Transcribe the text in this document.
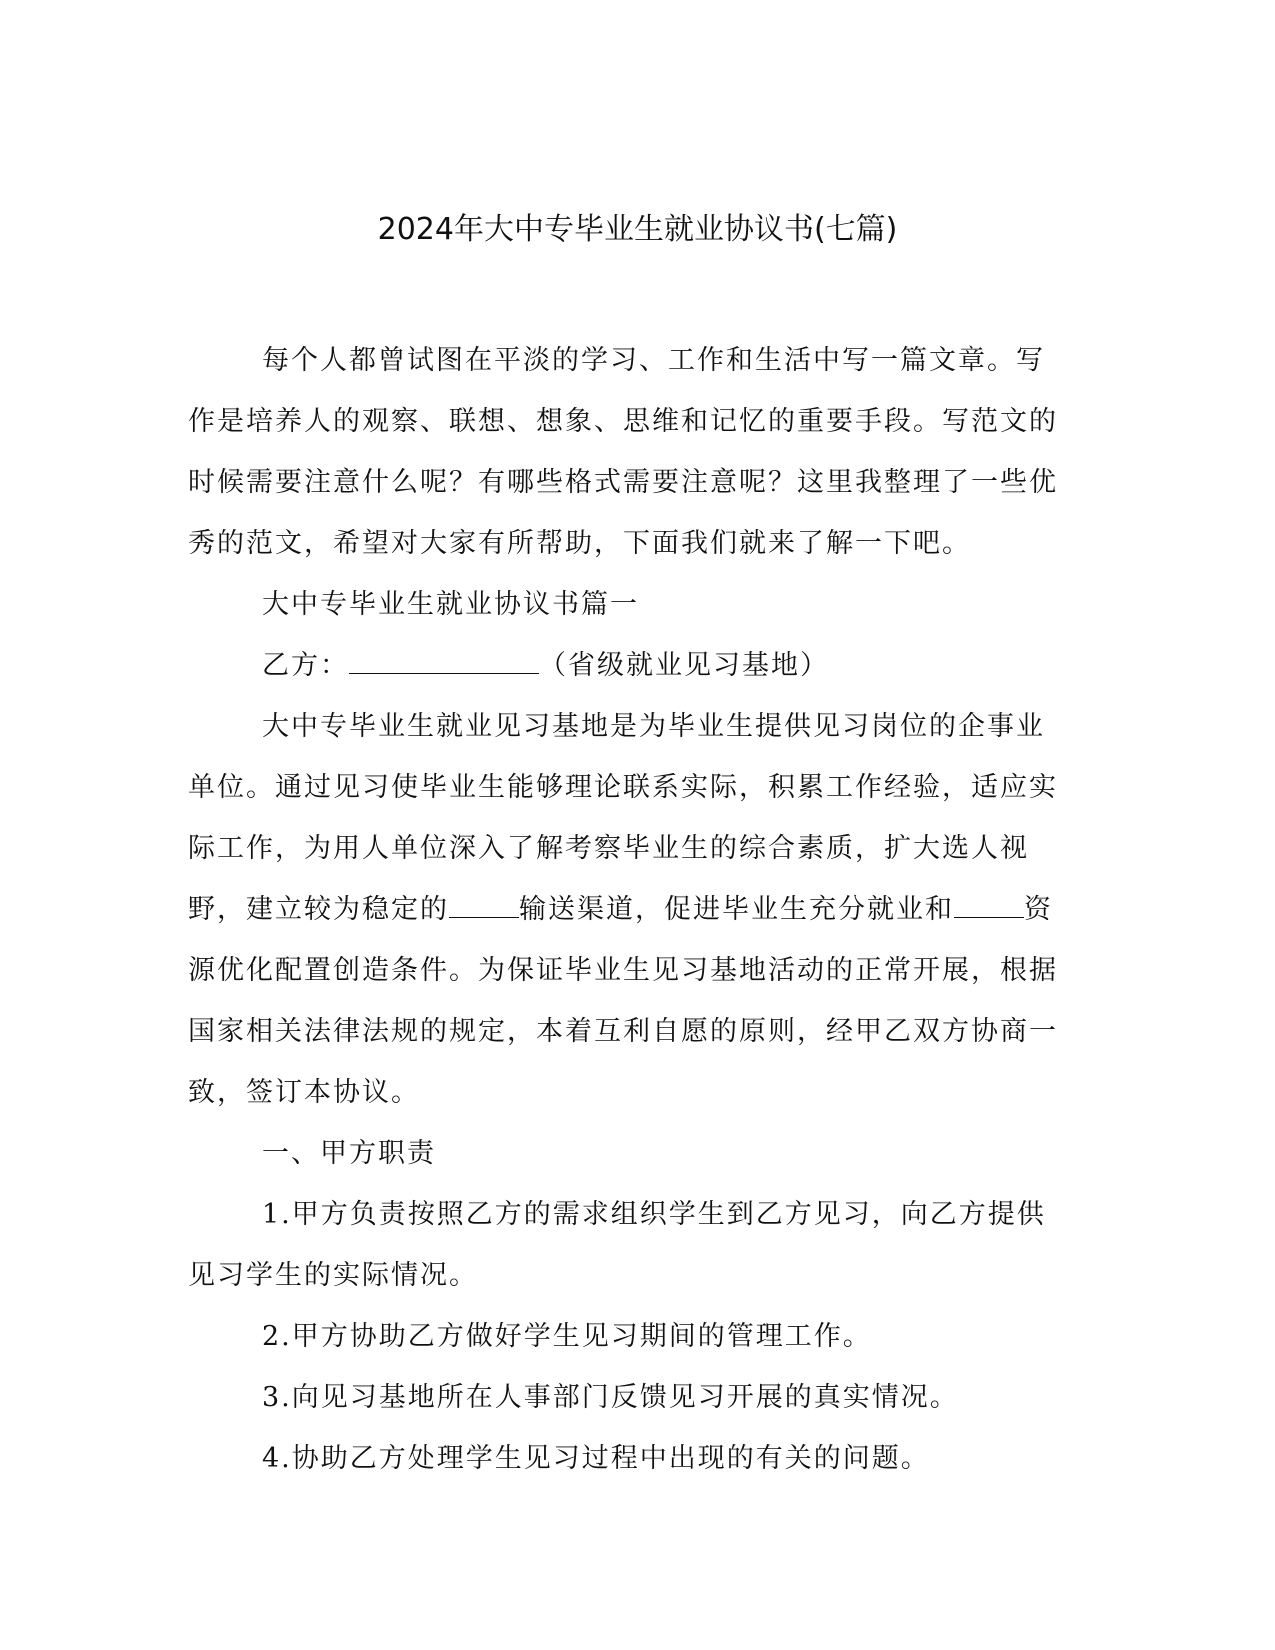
2024年大中专毕业生就业协议书(七篇)

每个人都曾试图在平淡的学习、工作和生活中写一篇文章。写作是培养人的观察、联想、想象、思维和记忆的重要手段。写范文的时候需要注意什么呢？有哪些格式需要注意呢？这里我整理了一些优秀的范文，希望对大家有所帮助，下面我们就来了解一下吧。

大中专毕业生就业协议书篇一

乙方：	（省级就业见习基地）

大中专毕业生就业见习基地是为毕业生提供见习岗位的企事业单位。通过见习使毕业生能够理论联系实际，积累工作经验，适应实际工作，为用人单位深入了解考察毕业生的综合素质，扩大选人视野，建立较为稳定的	输送渠道，促进毕业生充分就业和	资源优化配置创造条件。为保证毕业生见习基地活动的正常开展，根据国家相关法律法规的规定，本着互利自愿的原则，经甲乙双方协商一致，签订本协议。

一、甲方职责

1.甲方负责按照乙方的需求组织学生到乙方见习，向乙方提供见习学生的实际情况。

2.甲方协助乙方做好学生见习期间的管理工作。

3.向见习基地所在人事部门反馈见习开展的真实情况。

4.协助乙方处理学生见习过程中出现的有关的问题。
